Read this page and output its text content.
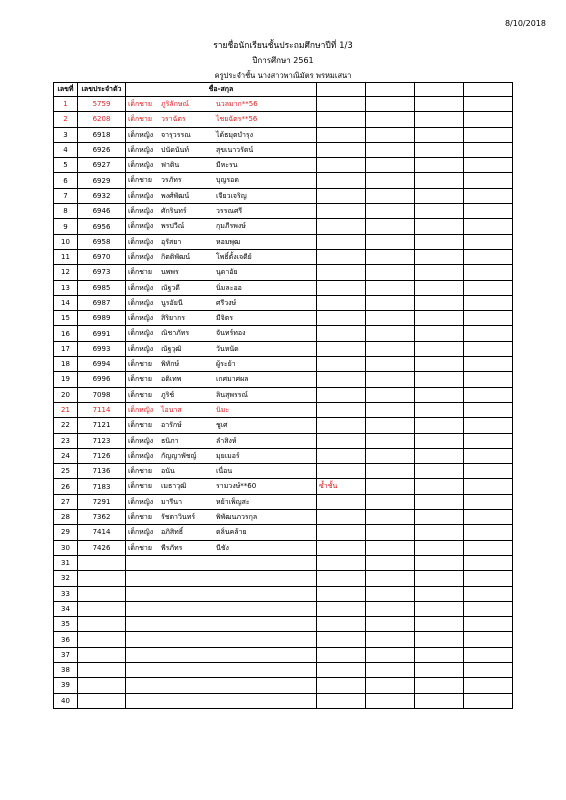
8/10/2018
รายชื่อนักเรียนชั้นประถมศึกษาปีที่ 1/3
ปีการศึกษา 2561
ครูประจำชั้น นางสาวพาณิมัตร พรหมเสนา
เลขที่	เลขประจำตัว	ชื่อ-สกุล				
1	5759	เด็กชาย ภูริลักษณ์ นวลมาก**56				

2	6208	เด็กชาย วราฉัตร ไชยฉัตร**56				

3	6918	เด็กหญิง จารุวรรณ ได้ธมุตบำรุง				

4	6926	เด็กหญิง ปนัดนันท์ สุขเนาวรัตน์				

5	6927	เด็กหญิง ฟาติน มีหะรน				

6	6929	เด็กชาย วรภัทร บุญรอด				

7	6932	เด็กหญิง พงศ์พัฒน์ เจียวเจริญ				

8	6946	เด็กหญิง ศักรินทร์ วรรณศรี				

9	6956	เด็กหญิง พรปวีณ์ กุมภีรพงษ์				

10	6958	เด็กหญิง อุรัสยา หอมพุฒ				

11	6970	เด็กหญิง กิตติพัฒน์ โพธิ์ตั้งเจดีย์				

12	6973	เด็กชาย นพพร นุดาอัย				

13	6985	เด็กหญิง ณัฐวดี นิ่มละออ				

14	6987	เด็กหญิง นูรอัยนี ศรีวงษ์				

15	6989	เด็กหญิง สิริยากร มีจิตร				

16	6991	เด็กหญิง ณิชาภัทร จันทร์ทอง				

17	6993	เด็กหญิง ณัฐวุฒิ วันหนัด				

18	6994	เด็กชาย พิทักษ์ ผู้ระย้า				

19	6996	เด็กชาย อติเทพ เกศมาศผล				

20	7098	เด็กชาย ภูริช์ ลินสุพรรณ์				

21	7114	เด็กหญิง ไอนาส นิมะ				

22	7121	เด็กชาย อารักษ์ ชูเศ				

23	7123	เด็กหญิง ธนิภา ลำสิงห์				

24	7126	เด็กหญิง กัญญาพัชญ์ มุยเมอร์				

25	7136	เด็กชาย อนัน เนื่อน				

26	7183	เด็กชาย เมธาวุฒิ รามวงษ์**60	ซ้ำชั้น			
27	7291	เด็กหญิง มารีนา หย้าเพ็ญสะ				

28	7362	เด็กชาย รัชตาวินทร์ พิพัฒนภวรกุล				

29	7414	เด็กหญิง อภิสิทธิ์ ตลิ่นคล้าย				

30	7426	เด็กชาย พีรภัทร นีชัง				

31		

32		

33		

34		

35		

36		

37		

38		

39		

40		
